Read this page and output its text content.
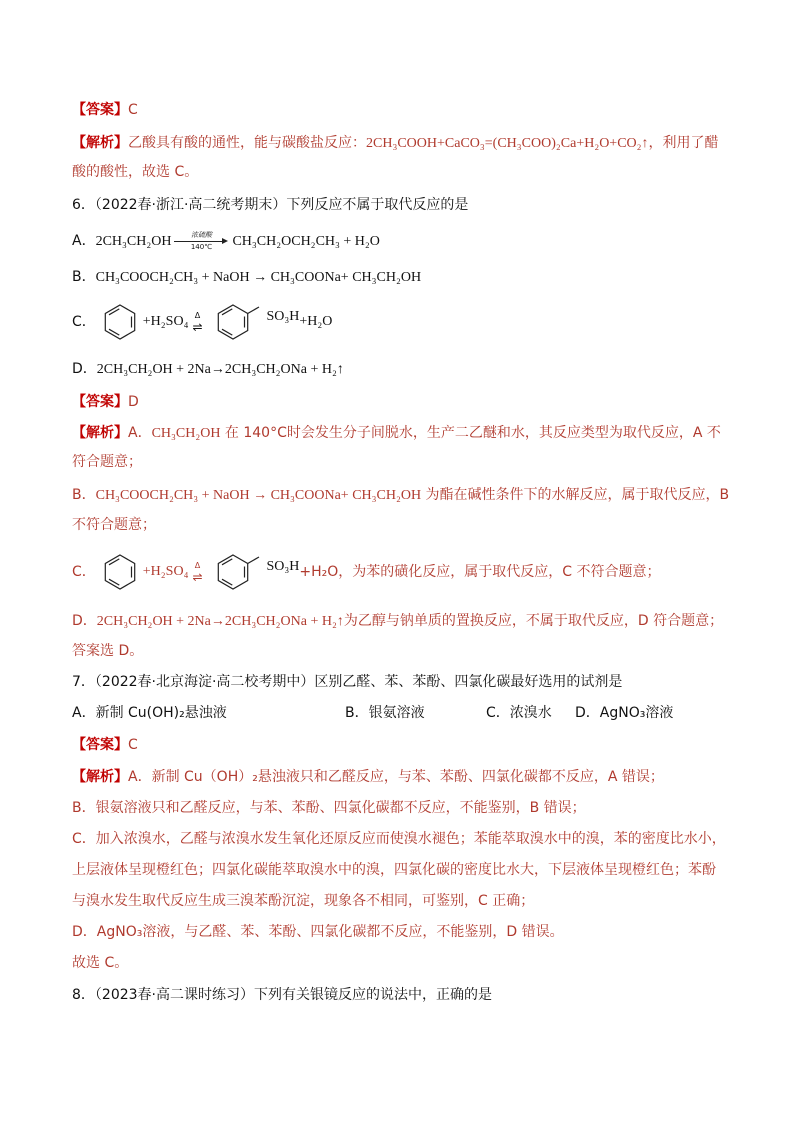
【答案】C
【解析】乙酸具有酸的通性，能与碳酸盐反应：2CH₃COOH+CaCO₃=(CH₃COO)₂Ca+H₂O+CO₂↑，利用了醋
酸的酸性，故选 C。
6．（2022春·浙江·高二统考期末）下列反应不属于取代反应的是
A．2CH₃CH₂OH	浓硫酸
140℃	CH₃CH₂OCH₂CH₃ + H₂O
B．CH₃COOCH₂CH₃ + NaOH → CH₃COONa+ CH₃CH₂OH
C．	+H₂SO₄ Δ
⇌
SO₃H +H₂O
D．2CH₃CH₂OH + 2Na→2CH₃CH₂ONa + H₂↑
【答案】D
【解析】A．CH₃CH₂OH 在 140°C时会发生分子间脱水，生产二乙醚和水，其反应类型为取代反应，A 不
符合题意；
B．CH₃COOCH₂CH₃ + NaOH → CH₃COONa+ CH₃CH₂OH 为酯在碱性条件下的水解反应，属于取代反应，B
不符合题意；
C．	+H₂SO₄ Δ
⇌
SO₃H +H₂O，为苯的磺化反应，属于取代反应，C 不符合题意；
D．2CH₃CH₂OH + 2Na→2CH₃CH₂ONa + H₂↑为乙醇与钠单质的置换反应，不属于取代反应，D 符合题意；
答案选 D。
7．（2022春·北京海淀·高二校考期中）区别乙醛、苯、苯酚、四氯化碳最好选用的试剂是
A．新制 Cu(OH)₂悬浊液	B．银氨溶液	C．浓溴水 D．AgNO₃溶液
【答案】C
【解析】A．新制 Cu（OH）₂悬浊液只和乙醛反应，与苯、苯酚、四氯化碳都不反应，A 错误；
B．银氨溶液只和乙醛反应，与苯、苯酚、四氯化碳都不反应，不能鉴别，B 错误；
C．加入浓溴水，乙醛与浓溴水发生氧化还原反应而使溴水褪色；苯能萃取溴水中的溴，苯的密度比水小，
上层液体呈现橙红色；四氯化碳能萃取溴水中的溴，四氯化碳的密度比水大，下层液体呈现橙红色；苯酚
与溴水发生取代反应生成三溴苯酚沉淀，现象各不相同，可鉴别，C 正确；
D．AgNO₃溶液，与乙醛、苯、苯酚、四氯化碳都不反应，不能鉴别，D 错误。
故选 C。
8．（2023春·高二课时练习）下列有关银镜反应的说法中，正确的是
